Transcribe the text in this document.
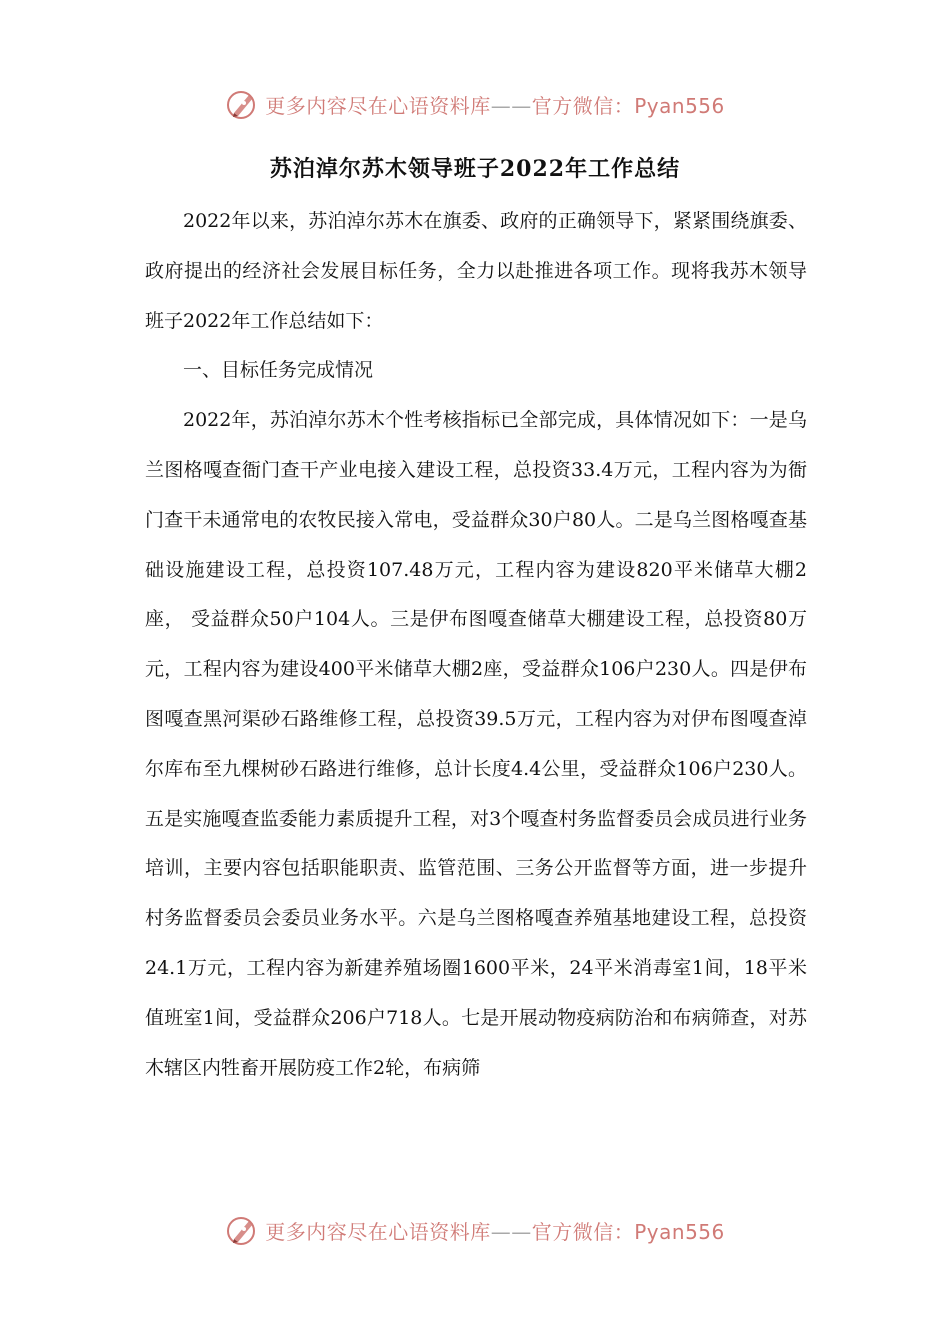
更多内容尽在心语资料库——官方微信：Pyan556
苏泊淖尔苏木领导班子2022年工作总结

2022年以来，苏泊淖尔苏木在旗委、政府的正确领导下，紧紧围绕旗委、政府提出的经济社会发展目标任务，全力以赴推进各项工作。现将我苏木领导班子2022年工作总结如下：

一、目标任务完成情况

2022年，苏泊淖尔苏木个性考核指标已全部完成，具体情况如下：一是乌兰图格嘎查衙门查干产业电接入建设工程，总投资33.4万元，工程内容为为衙门查干未通常电的农牧民接入常电，受益群众30户80人。二是乌兰图格嘎查基础设施建设工程，总投资107.48万元，工程内容为建设820平米储草大棚2座， 受益群众50户104人。三是伊布图嘎查储草大棚建设工程，总投资80万元，工程内容为建设400平米储草大棚2座，受益群众106户230人。四是伊布图嘎查黑河渠砂石路维修工程，总投资39.5万元，工程内容为对伊布图嘎查淖尔库布至九棵树砂石路进行维修，总计长度4.4公里，受益群众106户230人。五是实施嘎查监委能力素质提升工程，对3个嘎查村务监督委员会成员进行业务培训，主要内容包括职能职责、监管范围、三务公开监督等方面，进一步提升村务监督委员会委员业务水平。六是乌兰图格嘎查养殖基地建设工程，总投资24.1万元，工程内容为新建养殖场圈1600平米，24平米消毒室1间，18平米值班室1间，受益群众206户718人。七是开展动物疫病防治和布病筛查，对苏木辖区内牲畜开展防疫工作2轮，布病筛

更多内容尽在心语资料库——官方微信：Pyan556
